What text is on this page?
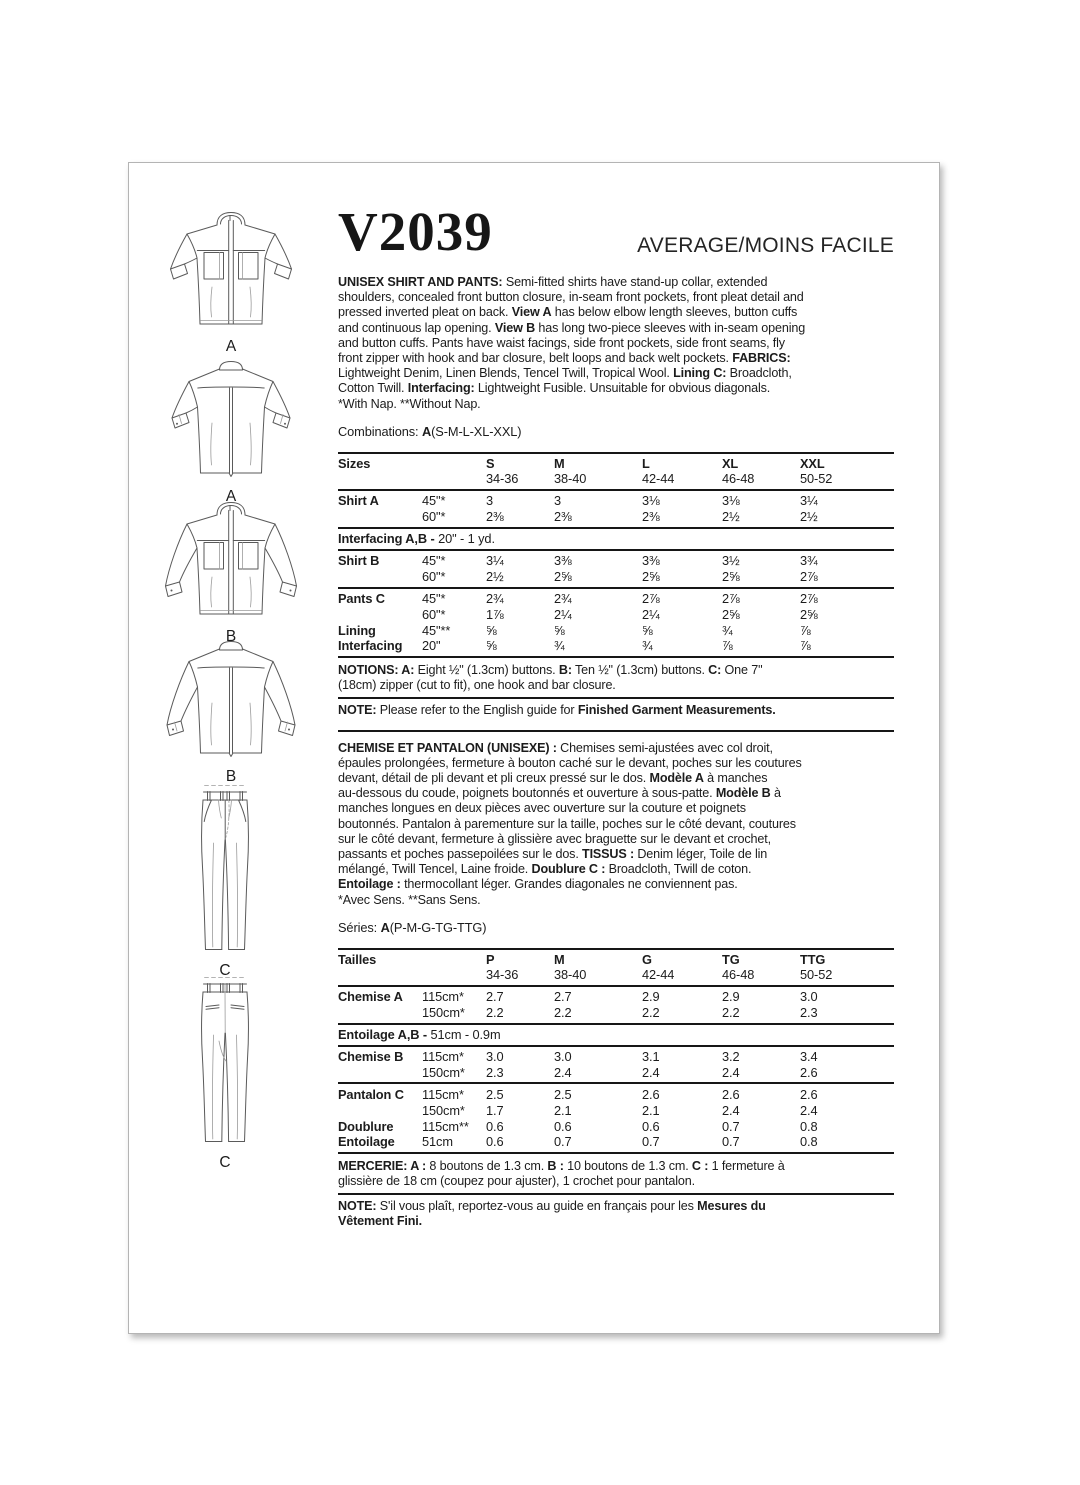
A
A
B
B
C
C
V2039	AVERAGE/MOINS FACILE

UNISEX SHIRT AND PANTS: Semi-fitted shirts have stand-up collar, extended
shoulders, concealed front button closure, in-seam front pockets, front pleat detail and
pressed inverted pleat on back. View A has below elbow length sleeves, button cuffs
and continuous lap opening. View B has long two-piece sleeves with in-seam opening
and button cuffs. Pants have waist facings, side front pockets, side front seams, fly
front zipper with hook and bar closure, belt loops and back welt pockets. FABRICS:
Lightweight Denim, Linen Blends, Tencel Twill, Tropical Wool. Lining C: Broadcloth,
Cotton Twill. Interfacing: Lightweight Fusible. Unsuitable for obvious diagonals.
*With Nap. **Without Nap.

Combinations: A(S-M-L-XL-XXL)

Sizes	S	M	L	XL	XXL
34-36	38-40	42-44	46-48	50-52
Shirt A	45"*	3	3	3⅛	3⅛	3¼
60"*	2⅜	2⅜	2⅜	2½	2½
Interfacing A,B - 20" - 1 yd.
Shirt B	45"*	3¼	3⅜	3⅜	3½	3¾
60"*	2½	2⅝	2⅝	2⅝	2⅞
Pants C	45"*	2¾	2¾	2⅞	2⅞	2⅞
60"*	1⅞	2¼	2¼	2⅝	2⅝
Lining	45"**	⅝	⅝	⅝	¾	⅞
Interfacing 20"	⅝	¾	¾	⅞	⅞

NOTIONS: A: Eight ½" (1.3cm) buttons. B: Ten ½" (1.3cm) buttons. C: One 7"
(18cm) zipper (cut to fit), one hook and bar closure.

NOTE: Please refer to the English guide for Finished Garment Measurements.

CHEMISE ET PANTALON (UNISEXE) : Chemises semi-ajustées avec col droit,
épaules prolongées, fermeture à bouton caché sur le devant, poches sur les coutures
devant, détail de pli devant et pli creux pressé sur le dos. Modèle A à manches
au-dessous du coude, poignets boutonnés et ouverture à sous-patte. Modèle B à
manches longues en deux pièces avec ouverture sur la couture et poignets
boutonnés. Pantalon à parementure sur la taille, poches sur le côté devant, coutures
sur le côté devant, fermeture à glissière avec braguette sur le devant et crochet,
passants et poches passepoilées sur le dos. TISSUS : Denim léger, Toile de lin
mélangé, Twill Tencel, Laine froide. Doublure C : Broadcloth, Twill de coton.
Entoilage : thermocollant léger. Grandes diagonales ne conviennent pas.
*Avec Sens. **Sans Sens.

Séries: A(P-M-G-TG-TTG)

Tailles	P	M	G	TG	TTG
34-36	38-40	42-44	46-48	50-52
Chemise A 115cm* 2.7	2.7	2.9	2.9	3.0
150cm* 2.2	2.2	2.2	2.2	2.3
Entoilage A,B - 51cm - 0.9m
Chemise B 115cm* 3.0	3.0	3.1	3.2	3.4
150cm* 2.3	2.4	2.4	2.4	2.6
Pantalon C 115cm* 2.5	2.5	2.6	2.6	2.6
150cm* 1.7	2.1	2.1	2.4	2.4
Doublure 115cm** 0.6	0.6	0.6	0.7	0.8
Entoilage 51cm	0.6	0.7	0.7	0.7	0.8

MERCERIE: A : 8 boutons de 1.3 cm. B : 10 boutons de 1.3 cm. C : 1 fermeture à
glissière de 18 cm (coupez pour ajuster), 1 crochet pour pantalon.

NOTE: S'il vous plaît, reportez-vous au guide en français pour les Mesures du
Vêtement Fini.
